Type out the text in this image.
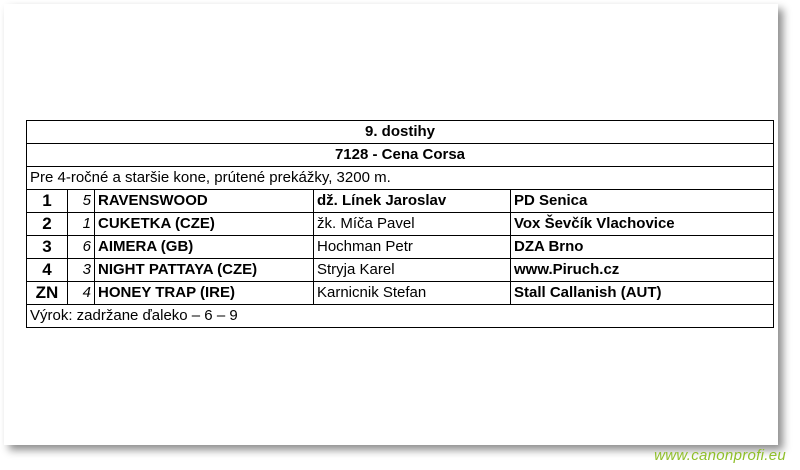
9. dostihy				
7128 - Cena Corsa				
Pre 4-ročné a staršie kone, prútené prekážky, 3200 m.				
1	5	RAVENSWOOD	dž. Línek Jaroslav	PD Senica
2	1	CUKETKA (CZE)	žk. Míča Pavel	Vox Ševčík Vlachovice
3	6	AIMERA (GB)	Hochman Petr	DZA Brno
4	3	NIGHT PATTAYA (CZE)	Stryja Karel	www.Piruch.cz
ZN	4	HONEY TRAP (IRE)	Karnicnik Stefan	Stall Callanish (AUT)
Výrok: zadržane ďaleko – 6 – 9				
www.canonprofi.eu
